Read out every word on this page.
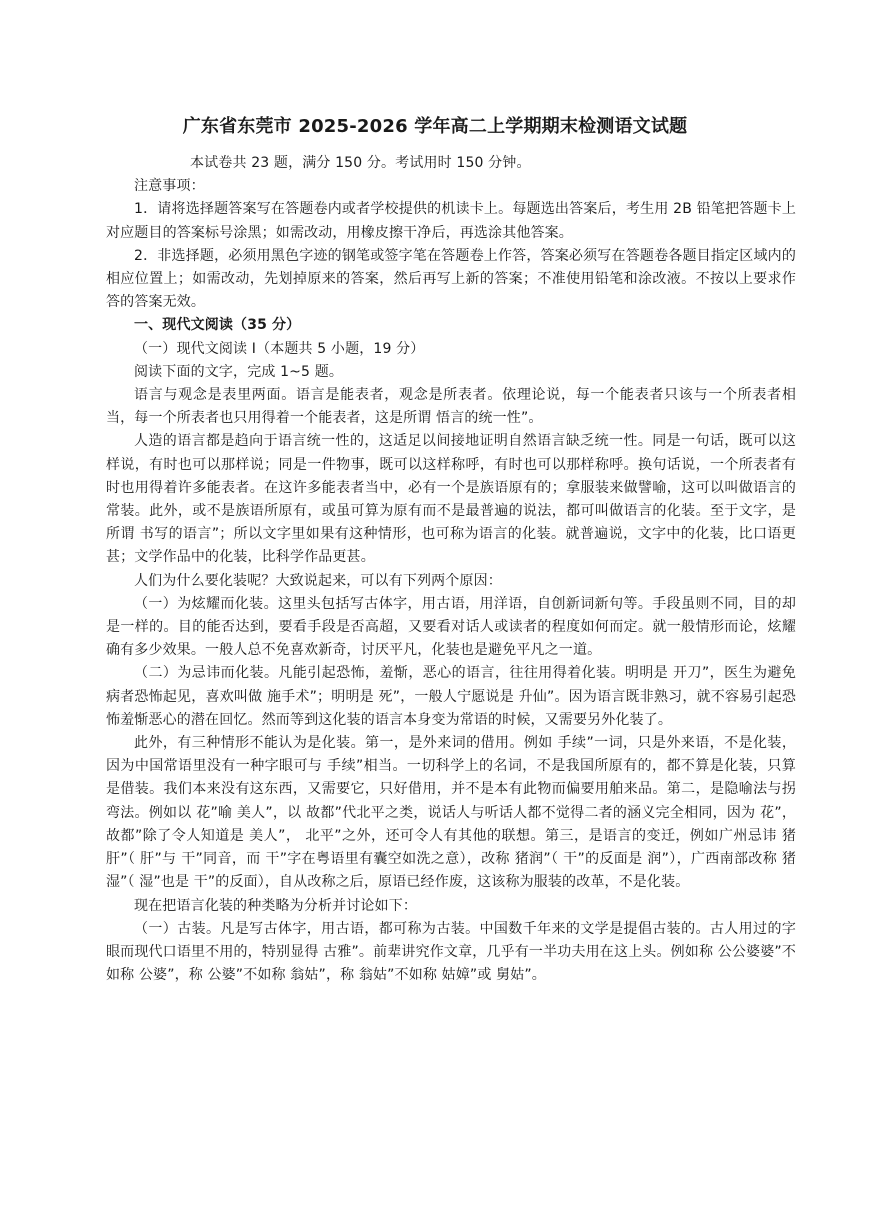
广东省东莞市 2025-2026 学年高二上学期期末检测语文试题

本试卷共 23 题，满分 150 分。考试用时 150 分钟。

注意事项：

1．请将选择题答案写在答题卷内或者学校提供的机读卡上。每题选出答案后，考生用 2B 铅笔把答题卡上对应题目的答案标号涂黑；如需改动，用橡皮擦干净后，再选涂其他答案。

2．非选择题，必须用黑色字迹的钢笔或签字笔在答题卷上作答，答案必须写在答题卷各题目指定区域内的相应位置上；如需改动，先划掉原来的答案，然后再写上新的答案；不准使用铅笔和涂改液。不按以上要求作答的答案无效。

一、现代文阅读（35 分）

（一）现代文阅读 I（本题共 5 小题，19 分）

阅读下面的文字，完成 1~5 题。

语言与观念是表里两面。语言是能表者，观念是所表者。依理论说，每一个能表者只该与一个所表者相当，每一个所表者也只用得着一个能表者，这是所谓 悟言的统一性”。

人造的语言都是趋向于语言统一性的，这适足以间接地证明自然语言缺乏统一性。同是一句话，既可以这样说，有时也可以那样说；同是一件物事，既可以这样称呼，有时也可以那样称呼。换句话说，一个所表者有时也用得着许多能表者。在这许多能表者当中，必有一个是族语原有的；拿服装来做譬喻，这可以叫做语言的常装。此外，或不是族语所原有，或虽可算为原有而不是最普遍的说法，都可叫做语言的化装。至于文字，是所谓 书写的语言”；所以文字里如果有这种情形，也可称为语言的化装。就普遍说，文字中的化装，比口语更甚；文学作品中的化装，比科学作品更甚。

人们为什么要化装呢？大致说起来，可以有下列两个原因：

（一）为炫耀而化装。这里头包括写古体字，用古语，用洋语，自创新词新句等。手段虽则不同，目的却是一样的。目的能否达到，要看手段是否高超，又要看对话人或读者的程度如何而定。就一般情形而论，炫耀确有多少效果。一般人总不免喜欢新奇，讨厌平凡，化装也是避免平凡之一道。

（二）为忌讳而化装。凡能引起恐怖，羞惭，恶心的语言，往往用得着化装。明明是 开刀”，医生为避免病者恐怖起见，喜欢叫做 施手术”；明明是 死”，一般人宁愿说是 升仙”。因为语言既非熟习，就不容易引起恐怖羞惭恶心的潜在回忆。然而等到这化装的语言本身变为常语的时候，又需要另外化装了。

此外，有三种情形不能认为是化装。第一，是外来词的借用。例如 手续”一词，只是外来语，不是化装，因为中国常语里没有一种字眼可与 手续”相当。一切科学上的名词，不是我国所原有的，都不算是化装，只算是借装。我们本来没有这东西，又需要它，只好借用，并不是本有此物而偏要用舶来品。第二，是隐喻法与拐弯法。例如以 花”喻 美人”，以 故都”代北平之类，说话人与听话人都不觉得二者的涵义完全相同，因为 花”， 故都”除了令人知道是 美人”， 北平”之外，还可令人有其他的联想。第三，是语言的变迁，例如广州忌讳 猪肝”（ 肝”与 干”同音，而 干”字在粤语里有囊空如洗之意），改称 猪润”（ 干”的反面是 润”），广西南部改称 猪湿”（ 湿”也是 干”的反面），自从改称之后，原语已经作废，这该称为服装的改革，不是化装。

现在把语言化装的种类略为分析并讨论如下：

（一）古装。凡是写古体字，用古语，都可称为古装。中国数千年来的文学是提倡古装的。古人用过的字眼而现代口语里不用的，特别显得 古雅”。前辈讲究作文章，几乎有一半功夫用在这上头。例如称 公公婆婆”不如称 公婆”，称 公婆”不如称 翁姑”，称 翁姑”不如称 姑嫜”或 舅姑”。
